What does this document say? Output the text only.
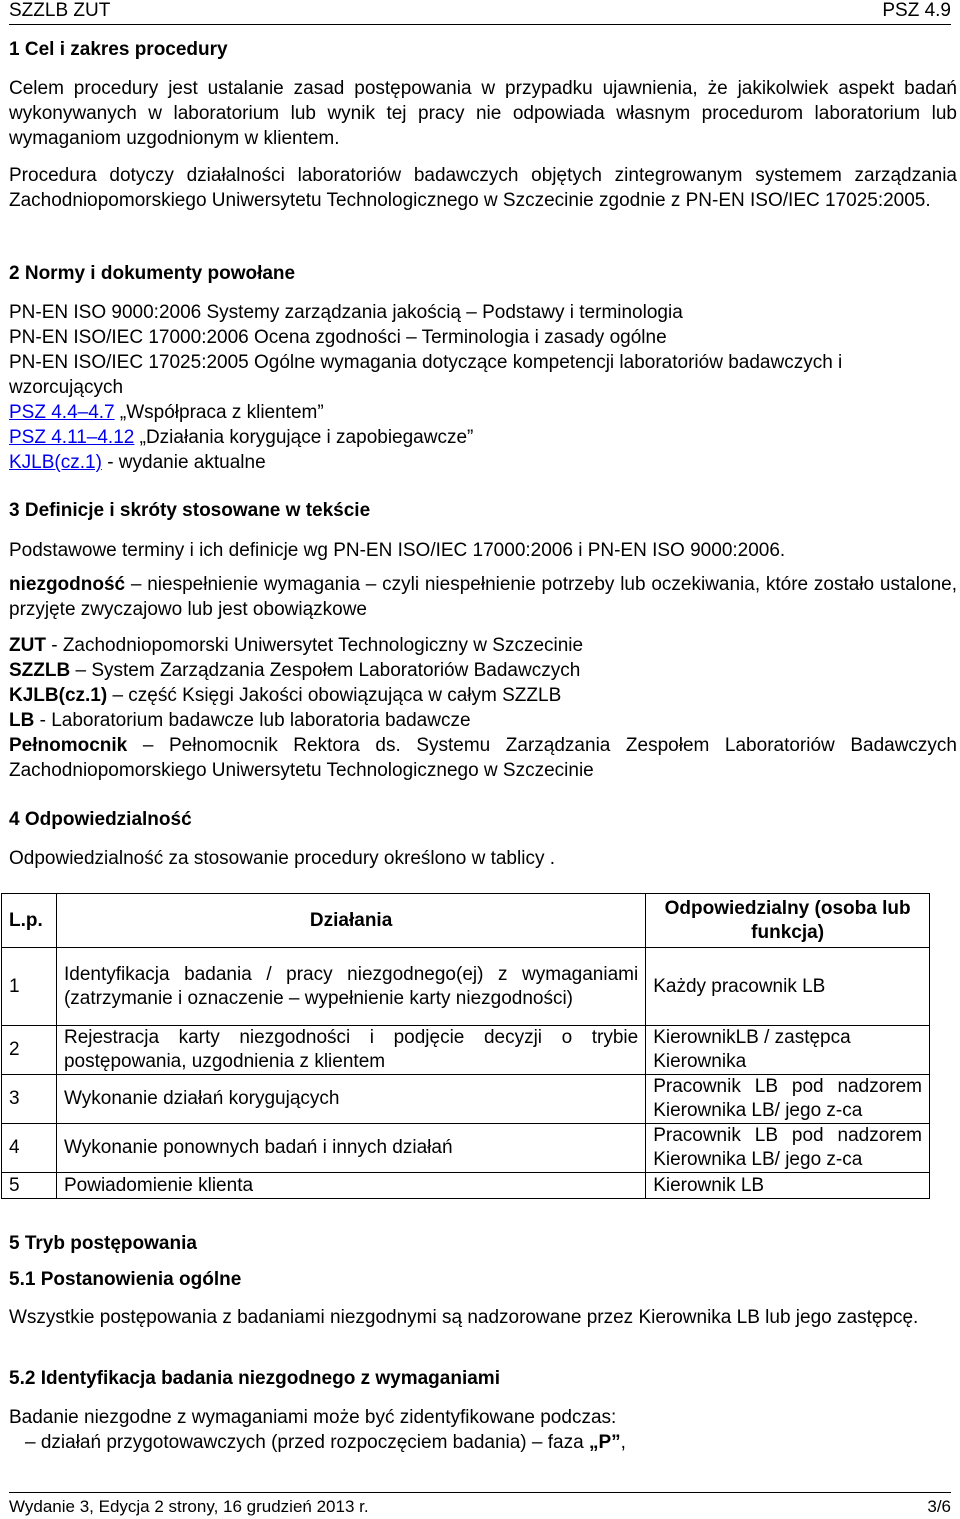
SZZLB ZUT	PSZ 4.9
1 Cel i zakres procedury
Celem procedury jest ustalanie zasad postępowania w przypadku ujawnienia, że jakikolwiek aspekt badań wykonywanych w laboratorium lub wynik tej pracy nie odpowiada własnym procedurom laboratorium lub wymaganiom uzgodnionym w klientem.
Procedura dotyczy działalności laboratoriów badawczych objętych zintegrowanym systemem zarządzania Zachodniopomorskiego Uniwersytetu Technologicznego w Szczecinie zgodnie z PN-EN ISO/IEC 17025:2005.
2 Normy i dokumenty powołane
PN-EN ISO 9000:2006 Systemy zarządzania jakością – Podstawy i terminologia
PN-EN ISO/IEC 17000:2006 Ocena zgodności – Terminologia i zasady ogólne
PN-EN ISO/IEC 17025:2005 Ogólne wymagania dotyczące kompetencji laboratoriów badawczych i wzorcujących
PSZ 4.4–4.7 „Współpraca z klientem”
PSZ 4.11–4.12 „Działania korygujące i zapobiegawcze”
KJLB(cz.1) - wydanie aktualne
3 Definicje i skróty stosowane w tekście
Podstawowe terminy i ich definicje wg PN-EN ISO/IEC 17000:2006 i PN-EN ISO 9000:2006.
niezgodność – niespełnienie wymagania – czyli niespełnienie potrzeby lub oczekiwania, które zostało ustalone, przyjęte zwyczajowo lub jest obowiązkowe
ZUT - Zachodniopomorski Uniwersytet Technologiczny w Szczecinie
SZZLB – System Zarządzania Zespołem Laboratoriów Badawczych
KJLB(cz.1) – część Księgi Jakości obowiązująca w całym SZZLB
LB - Laboratorium badawcze lub laboratoria badawcze
Pełnomocnik – Pełnomocnik Rektora ds. Systemu Zarządzania Zespołem Laboratoriów Badawczych Zachodniopomorskiego Uniwersytetu Technologicznego w Szczecinie
4 Odpowiedzialność
Odpowiedzialność za stosowanie procedury określono w tablicy .
L.p.	Działania	Odpowiedzialny (osoba lub funkcja)
1	Identyfikacja badania / pracy niezgodnego(ej) z wymaganiami (zatrzymanie i oznaczenie – wypełnienie karty niezgodności)	Każdy pracownik LB
2	Rejestracja karty niezgodności i podjęcie decyzji o trybie postępowania, uzgodnienia z klientem	KierownikLB / zastępca Kierownika
3	Wykonanie działań korygujących	Pracownik LB pod nadzorem Kierownika LB/ jego z-ca
4	Wykonanie ponownych badań i innych działań	Pracownik LB pod nadzorem Kierownika LB/ jego z-ca
5	Powiadomienie klienta	Kierownik LB
5 Tryb postępowania
5.1 Postanowienia ogólne
Wszystkie postępowania z badaniami niezgodnymi są nadzorowane przez Kierownika LB lub jego zastępcę.
5.2 Identyfikacja badania niezgodnego z wymaganiami
Badanie niezgodne z wymaganiami może być zidentyfikowane podczas:
– działań przygotowawczych (przed rozpoczęciem badania) – faza „P”,
Wydanie 3, Edycja 2 strony, 16 grudzień 2013 r.	3/6
